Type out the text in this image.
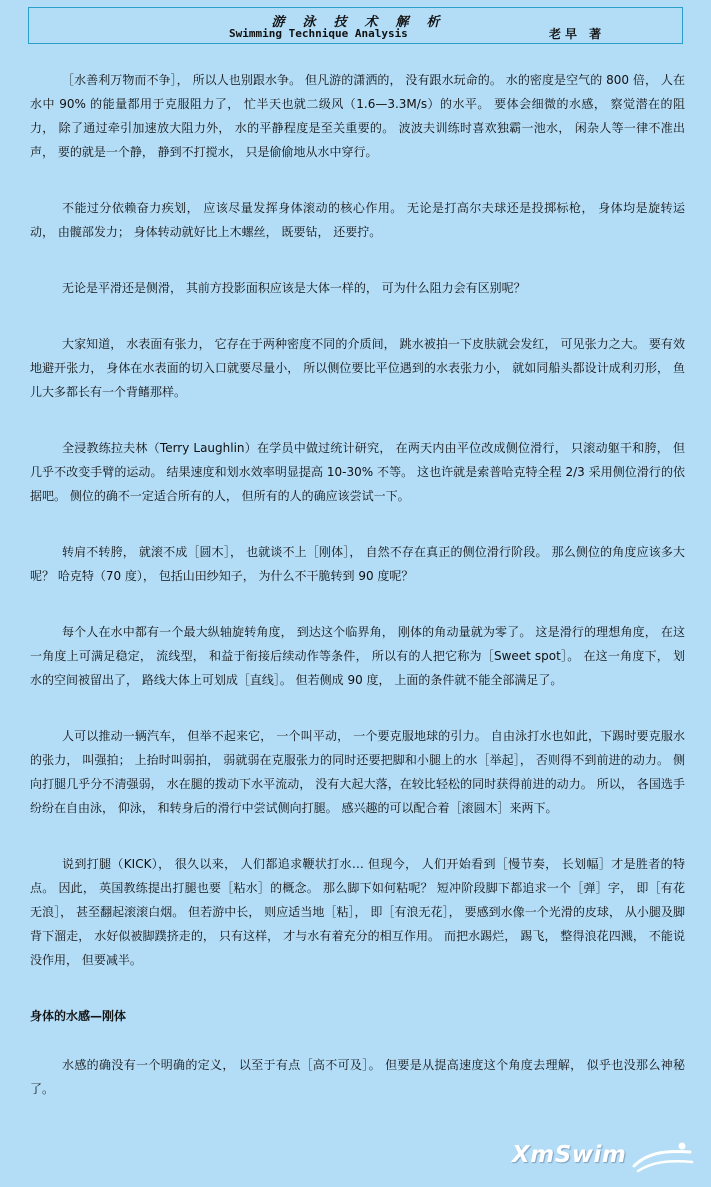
游泳技术解析
Swimming Technique Analysis	老早 著

［水善利万物而不争］， 所以人也别跟水争。 但凡游的潇洒的， 没有跟水玩命的。 水的密度是空气的 800 倍， 人在水中 90% 的能量都用于克服阻力了， 忙半天也就二级风（1.6—3.3M/s）的水平。 要体会细微的水感， 察觉潜在的阻力， 除了通过牵引加速放大阻力外， 水的平静程度是至关重要的。 波波夫训练时喜欢独霸一池水， 闲杂人等一律不准出声， 要的就是一个静， 静到不打搅水， 只是偷偷地从水中穿行。

不能过分依赖奋力疾划， 应该尽量发挥身体滚动的核心作用。 无论是打高尔夫球还是投掷标枪， 身体均是旋转运动， 由髋部发力； 身体转动就好比上木螺丝， 既要钻， 还要拧。

无论是平滑还是侧滑， 其前方投影面积应该是大体一样的， 可为什么阻力会有区别呢？

大家知道， 水表面有张力， 它存在于两种密度不同的介质间， 跳水被拍一下皮肤就会发红， 可见张力之大。 要有效地避开张力， 身体在水表面的切入口就要尽量小， 所以侧位要比平位遇到的水表张力小， 就如同船头都设计成利刃形， 鱼儿大多都长有一个背鳍那样。

全浸教练拉夫林（Terry Laughlin）在学员中做过统计研究， 在两天内由平位改成侧位滑行， 只滚动躯干和胯， 但几乎不改变手臂的运动。 结果速度和划水效率明显提高 10-30% 不等。 这也许就是索普哈克特全程 2/3 采用侧位滑行的依据吧。 侧位的确不一定适合所有的人， 但所有的人的确应该尝试一下。

转肩不转胯， 就滚不成［圆木］， 也就谈不上［刚体］， 自然不存在真正的侧位滑行阶段。 那么侧位的角度应该多大呢？ 哈克特（70 度）， 包括山田纱知子， 为什么不干脆转到 90 度呢？

每个人在水中都有一个最大纵轴旋转角度， 到达这个临界角， 刚体的角动量就为零了。 这是滑行的理想角度， 在这一角度上可满足稳定， 流线型， 和益于衔接后续动作等条件， 所以有的人把它称为［Sweet spot］。 在这一角度下， 划水的空间被留出了， 路线大体上可划成［直线］。 但若侧成 90 度， 上面的条件就不能全部满足了。

人可以推动一辆汽车， 但举不起来它， 一个叫平动， 一个要克服地球的引力。 自由泳打水也如此，下踢时要克服水的张力， 叫强拍； 上抬时叫弱拍， 弱就弱在克服张力的同时还要把脚和小腿上的水［举起］， 否则得不到前进的动力。 侧向打腿几乎分不清强弱， 水在腿的拨动下水平流动， 没有大起大落，在较比轻松的同时获得前进的动力。 所以， 各国选手纷纷在自由泳， 仰泳， 和转身后的滑行中尝试侧向打腿。 感兴趣的可以配合着［滚圆木］来两下。

说到打腿（KICK）， 很久以来， 人们都追求鞭状打水… 但现今， 人们开始看到［慢节奏， 长划幅］才是胜者的特点。 因此， 英国教练提出打腿也要［粘水］的概念。 那么脚下如何粘呢？ 短冲阶段脚下都追求一个［弹］字， 即［有花无浪］， 甚至翻起滚滚白烟。 但若游中长， 则应适当地［粘］， 即［有浪无花］， 要感到水像一个光滑的皮球， 从小腿及脚背下溜走， 水好似被脚蹼挤走的， 只有这样， 才与水有着充分的相互作用。 而把水踢烂， 踢飞， 整得浪花四溅， 不能说没作用， 但要减半。

身体的水感—刚体

水感的确没有一个明确的定义， 以至于有点［高不可及］。 但要是从提高速度这个角度去理解， 似乎也没那么神秘了。

XmSwim
